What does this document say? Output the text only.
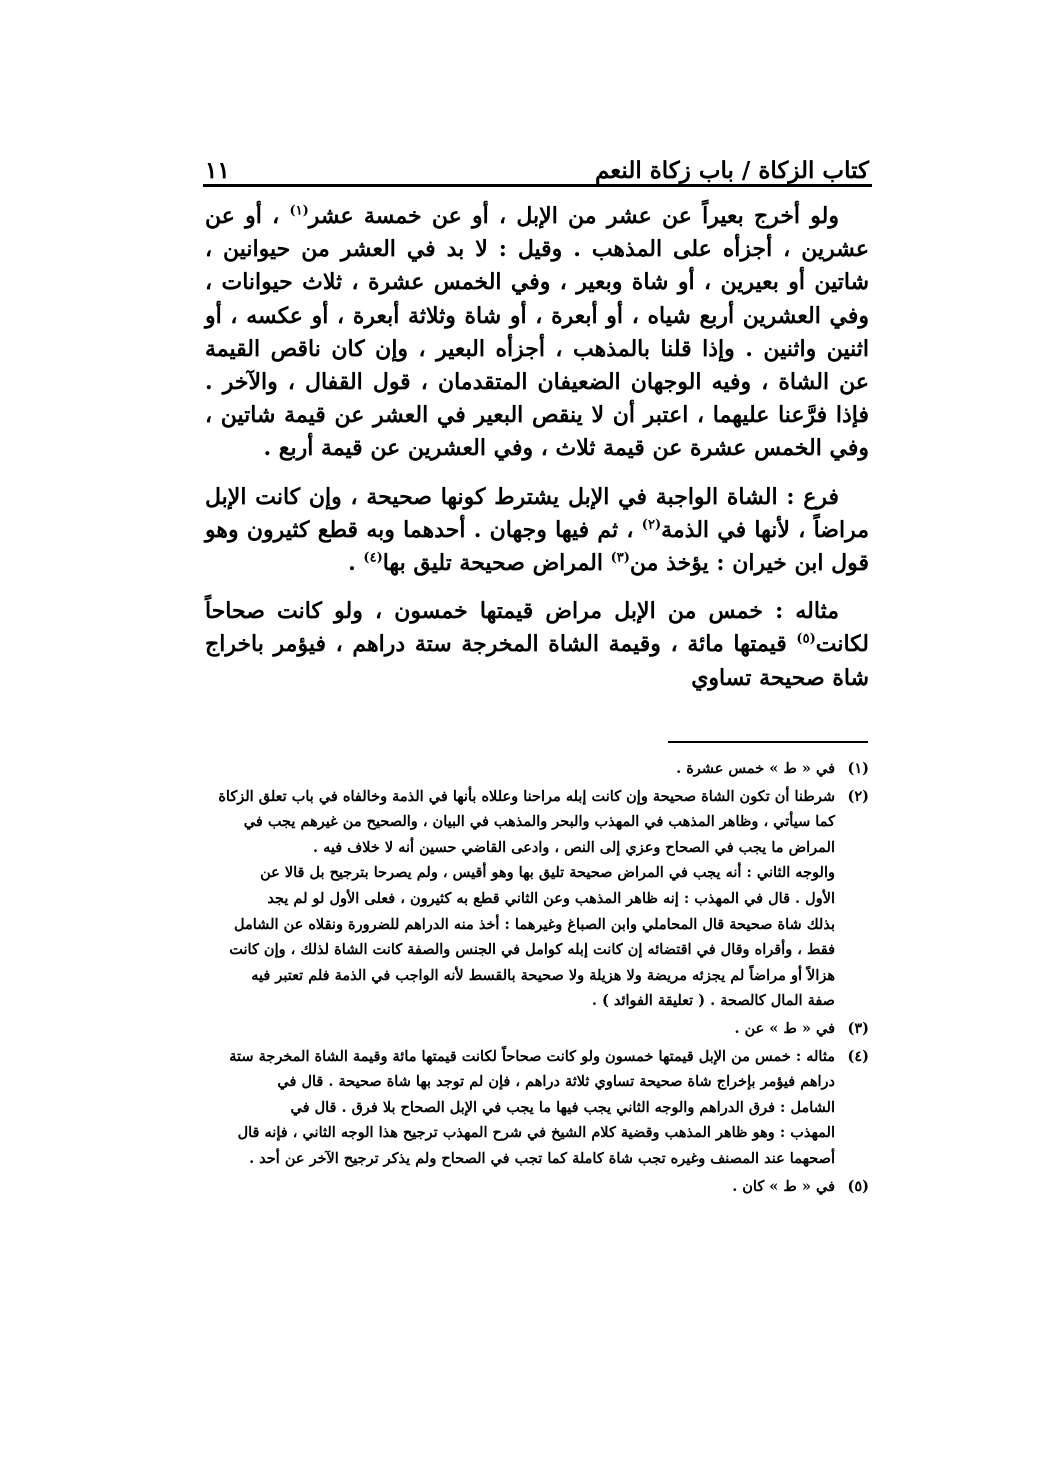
كتاب الزكاة / باب زكاة النعم
١١

ولو أخرج بعيراً عن عشر من الإبل ، أو عن خمسة عشر$^{(١)}$ ، أو عن عشرين ، أجزأه على المذهب . وقيل : لا بد في العشر من حيوانين ، شاتين أو بعيرين ، أو شاة وبعير ، وفي الخمس عشرة ، ثلاث حيوانات ، وفي العشرين أربع شياه ، أو أبعرة ، أو شاة وثلاثة أبعرة ، أو عكسه ، أو اثنين واثنين . وإذا قلنا بالمذهب ، أجزأه البعير ، وإن كان ناقص القيمة عن الشاة ، وفيه الوجهان الضعيفان المتقدمان ، قول القفال ، والآخر . فإذا فرَّعنا عليهما ، اعتبر أن لا ينقص البعير في العشر عن قيمة شاتين ، وفي الخمس عشرة عن قيمة ثلاث ، وفي العشرين عن قيمة أربع .

فرع : الشاة الواجبة في الإبل يشترط كونها صحيحة ، وإن كانت الإبل مراضاً ، لأنها في الذمة$^{(٢)}$ ، ثم فيها وجهان . أحدهما وبه قطع كثيرون وهو قول ابن خيران : يؤخذ من$^{(٣)}$ المراض صحيحة تليق بها$^{(٤)}$ .

مثاله : خمس من الإبل مراض قيمتها خمسون ، ولو كانت صحاحاً لكانت$^{(٥)}$ قيمتها مائة ، وقيمة الشاة المخرجة ستة دراهم ، فيؤمر باخراج شاة صحيحة تساوي

(١)
في « ط » خمس عشرة .
(٢)
شرطنا أن تكون الشاة صحيحة وإن كانت إبله مراحنا وعللاه بأنها في الذمة وخالفاه في باب تعلق الزكاة
كما سيأتي ، وظاهر المذهب في المهذب والبحر والمذهب في البيان ، والصحيح من غيرهم يجب في
المراض ما يجب في الصحاح وعزي إلى النص ، وادعى القاضي حسين أنه لا خلاف فيه .
والوجه الثاني : أنه يجب في المراض صحيحة تليق بها وهو أقيس ، ولم يصرحا بترجيح بل قالا عن
الأول . قال في المهذب : إنه ظاهر المذهب وعن الثاني قطع به كثيرون ، فعلى الأول لو لم يجد
بذلك شاة صحيحة قال المحاملي وابن الصباغ وغيرهما : أخذ منه الدراهم للضرورة ونقلاه عن الشامل
فقط ، وأقراه وقال في اقتضائه إن كانت إبله كوامل في الجنس والصفة كانت الشاة لذلك ، وإن كانت
هزالاً أو مراضاً لم يجزئه مريضة ولا هزيلة ولا صحيحة بالقسط لأنه الواجب في الذمة فلم تعتبر فيه
صفة المال كالصحة . ( تعليقة الفوائد ) .
(٣)
في « ط » عن .
(٤)
مثاله : خمس من الإبل قيمتها خمسون ولو كانت صحاحاً لكانت قيمتها مائة وقيمة الشاة المخرجة ستة
دراهم فيؤمر بإخراج شاة صحيحة تساوي ثلاثة دراهم ، فإن لم توجد بها شاة صحيحة . قال في
الشامل : فرق الدراهم والوجه الثاني يجب فيها ما يجب في الإبل الصحاح بلا فرق . قال في
المهذب : وهو ظاهر المذهب وقضية كلام الشيخ في شرح المهذب ترجيح هذا الوجه الثاني ، فإنه قال
أصحهما عند المصنف وغيره تجب شاة كاملة كما تجب في الصحاح ولم يذكر ترجيح الآخر عن أحد .
(٥)
في « ط » كان .
